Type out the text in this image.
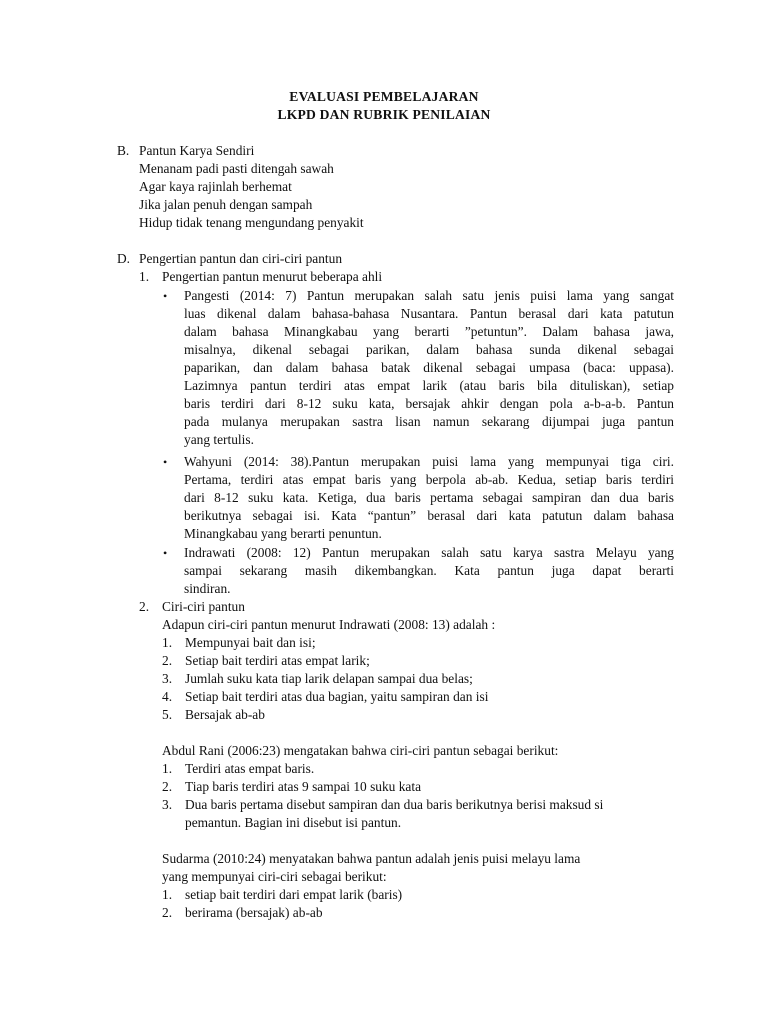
EVALUASI PEMBELAJARAN
LKPD DAN RUBRIK PENILAIAN
B. Pantun Karya Sendiri
Menanam padi pasti ditengah sawah
Agar kaya rajinlah berhemat
Jika jalan penuh dengan sampah
Hidup tidak tenang mengundang penyakit
D. Pengertian pantun dan ciri-ciri pantun
1. Pengertian pantun menurut beberapa ahli
• Pangesti (2014: 7) Pantun merupakan salah satu jenis puisi lama yang sangat
luas dikenal dalam bahasa-bahasa Nusantara. Pantun berasal dari kata patutun
dalam bahasa Minangkabau yang berarti ”petuntun”. Dalam bahasa jawa,
misalnya, dikenal sebagai parikan, dalam bahasa sunda dikenal sebagai
paparikan, dan dalam bahasa batak dikenal sebagai umpasa (baca: uppasa).
Lazimnya pantun terdiri atas empat larik (atau baris bila dituliskan), setiap
baris terdiri dari 8-12 suku kata, bersajak ahkir dengan pola a-b-a-b. Pantun
pada mulanya merupakan sastra lisan namun sekarang dijumpai juga pantun
yang tertulis.
• Wahyuni (2014: 38).Pantun merupakan puisi lama yang mempunyai tiga ciri.
Pertama, terdiri atas empat baris yang berpola ab-ab. Kedua, setiap baris terdiri
dari 8-12 suku kata. Ketiga, dua baris pertama sebagai sampiran dan dua baris
berikutnya sebagai isi. Kata “pantun” berasal dari kata patutun dalam bahasa
Minangkabau yang berarti penuntun.
• Indrawati (2008: 12) Pantun merupakan salah satu karya sastra Melayu yang
sampai sekarang masih dikembangkan. Kata pantun juga dapat berarti
sindiran.
2. Ciri-ciri pantun
Adapun ciri-ciri pantun menurut Indrawati (2008: 13) adalah :
1. Mempunyai bait dan isi;
2. Setiap bait terdiri atas empat larik;
3. Jumlah suku kata tiap larik delapan sampai dua belas;
4. Setiap bait terdiri atas dua bagian, yaitu sampiran dan isi
5. Bersajak ab-ab
Abdul Rani (2006:23) mengatakan bahwa ciri-ciri pantun sebagai berikut:
1. Terdiri atas empat baris.
2. Tiap baris terdiri atas 9 sampai 10 suku kata
3. Dua baris pertama disebut sampiran dan dua baris berikutnya berisi maksud si
pemantun. Bagian ini disebut isi pantun.
Sudarma (2010:24) menyatakan bahwa pantun adalah jenis puisi melayu lama
yang mempunyai ciri-ciri sebagai berikut:
1. setiap bait terdiri dari empat larik (baris)
2. berirama (bersajak) ab-ab
